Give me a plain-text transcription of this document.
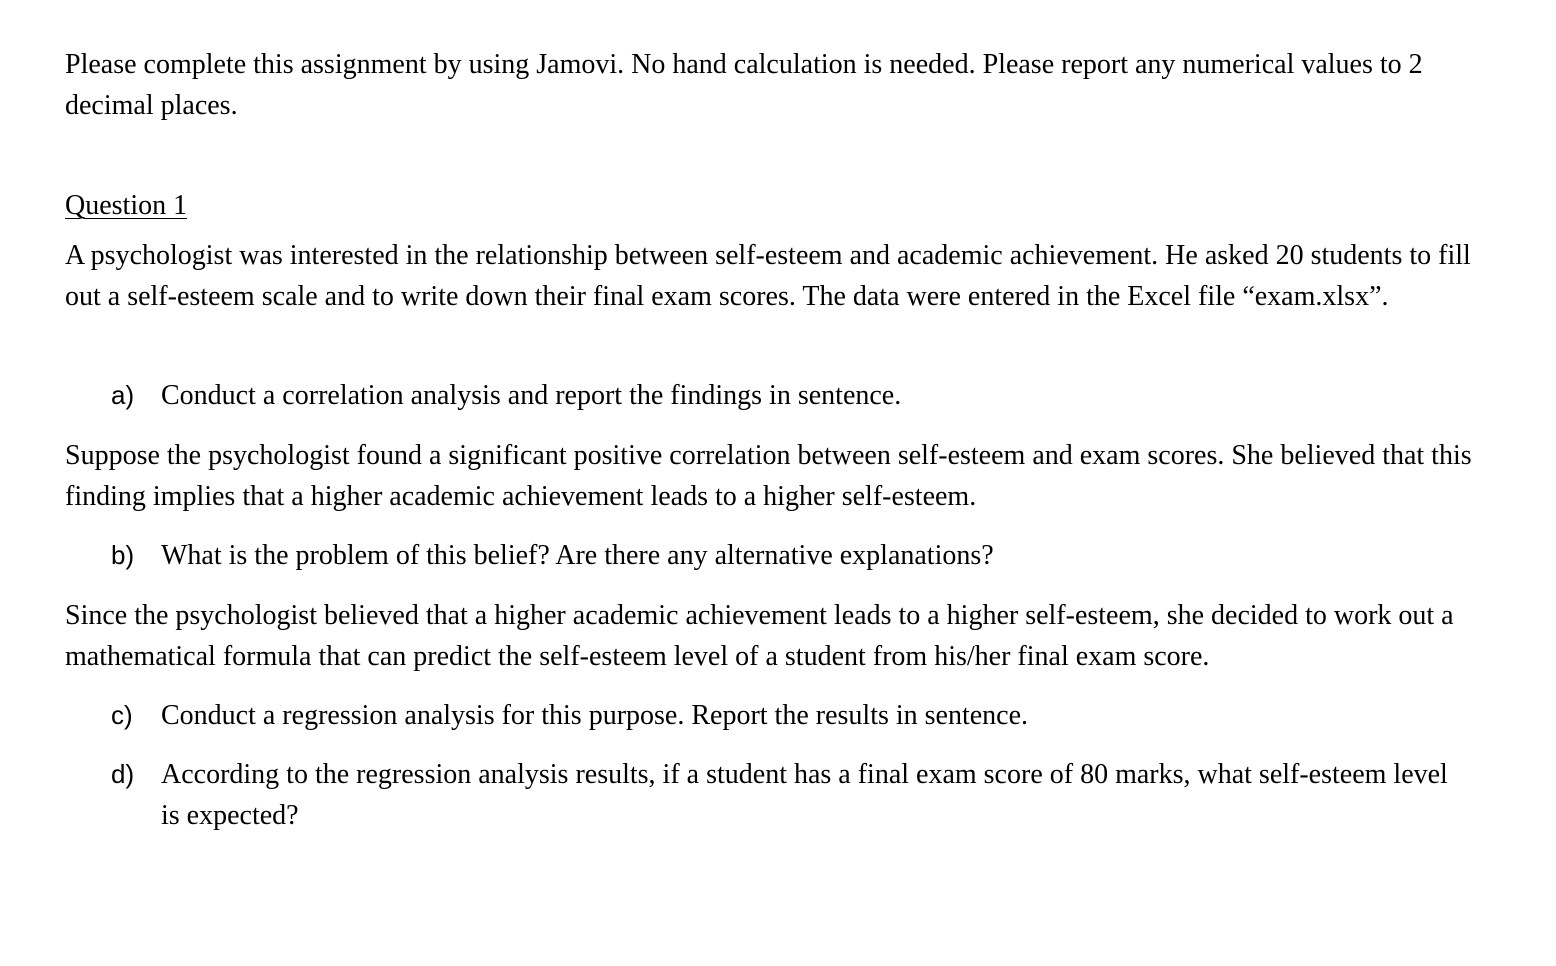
Please complete this assignment by using Jamovi. No hand calculation is needed. Please report any numerical values to 2 decimal places.

Question 1

A psychologist was interested in the relationship between self-esteem and academic achievement. He asked 20 students to fill out a self-esteem scale and to write down their final exam scores. The data were entered in the Excel file “exam.xlsx”.

a) Conduct a correlation analysis and report the findings in sentence.

Suppose the psychologist found a significant positive correlation between self-esteem and exam scores. She believed that this finding implies that a higher academic achievement leads to a higher self-esteem.

b) What is the problem of this belief? Are there any alternative explanations?

Since the psychologist believed that a higher academic achievement leads to a higher self-esteem, she decided to work out a mathematical formula that can predict the self-esteem level of a student from his/her final exam score.

c) Conduct a regression analysis for this purpose. Report the results in sentence.
d) According to the regression analysis results, if a student has a final exam score of 80 marks, what self-esteem level is expected?
